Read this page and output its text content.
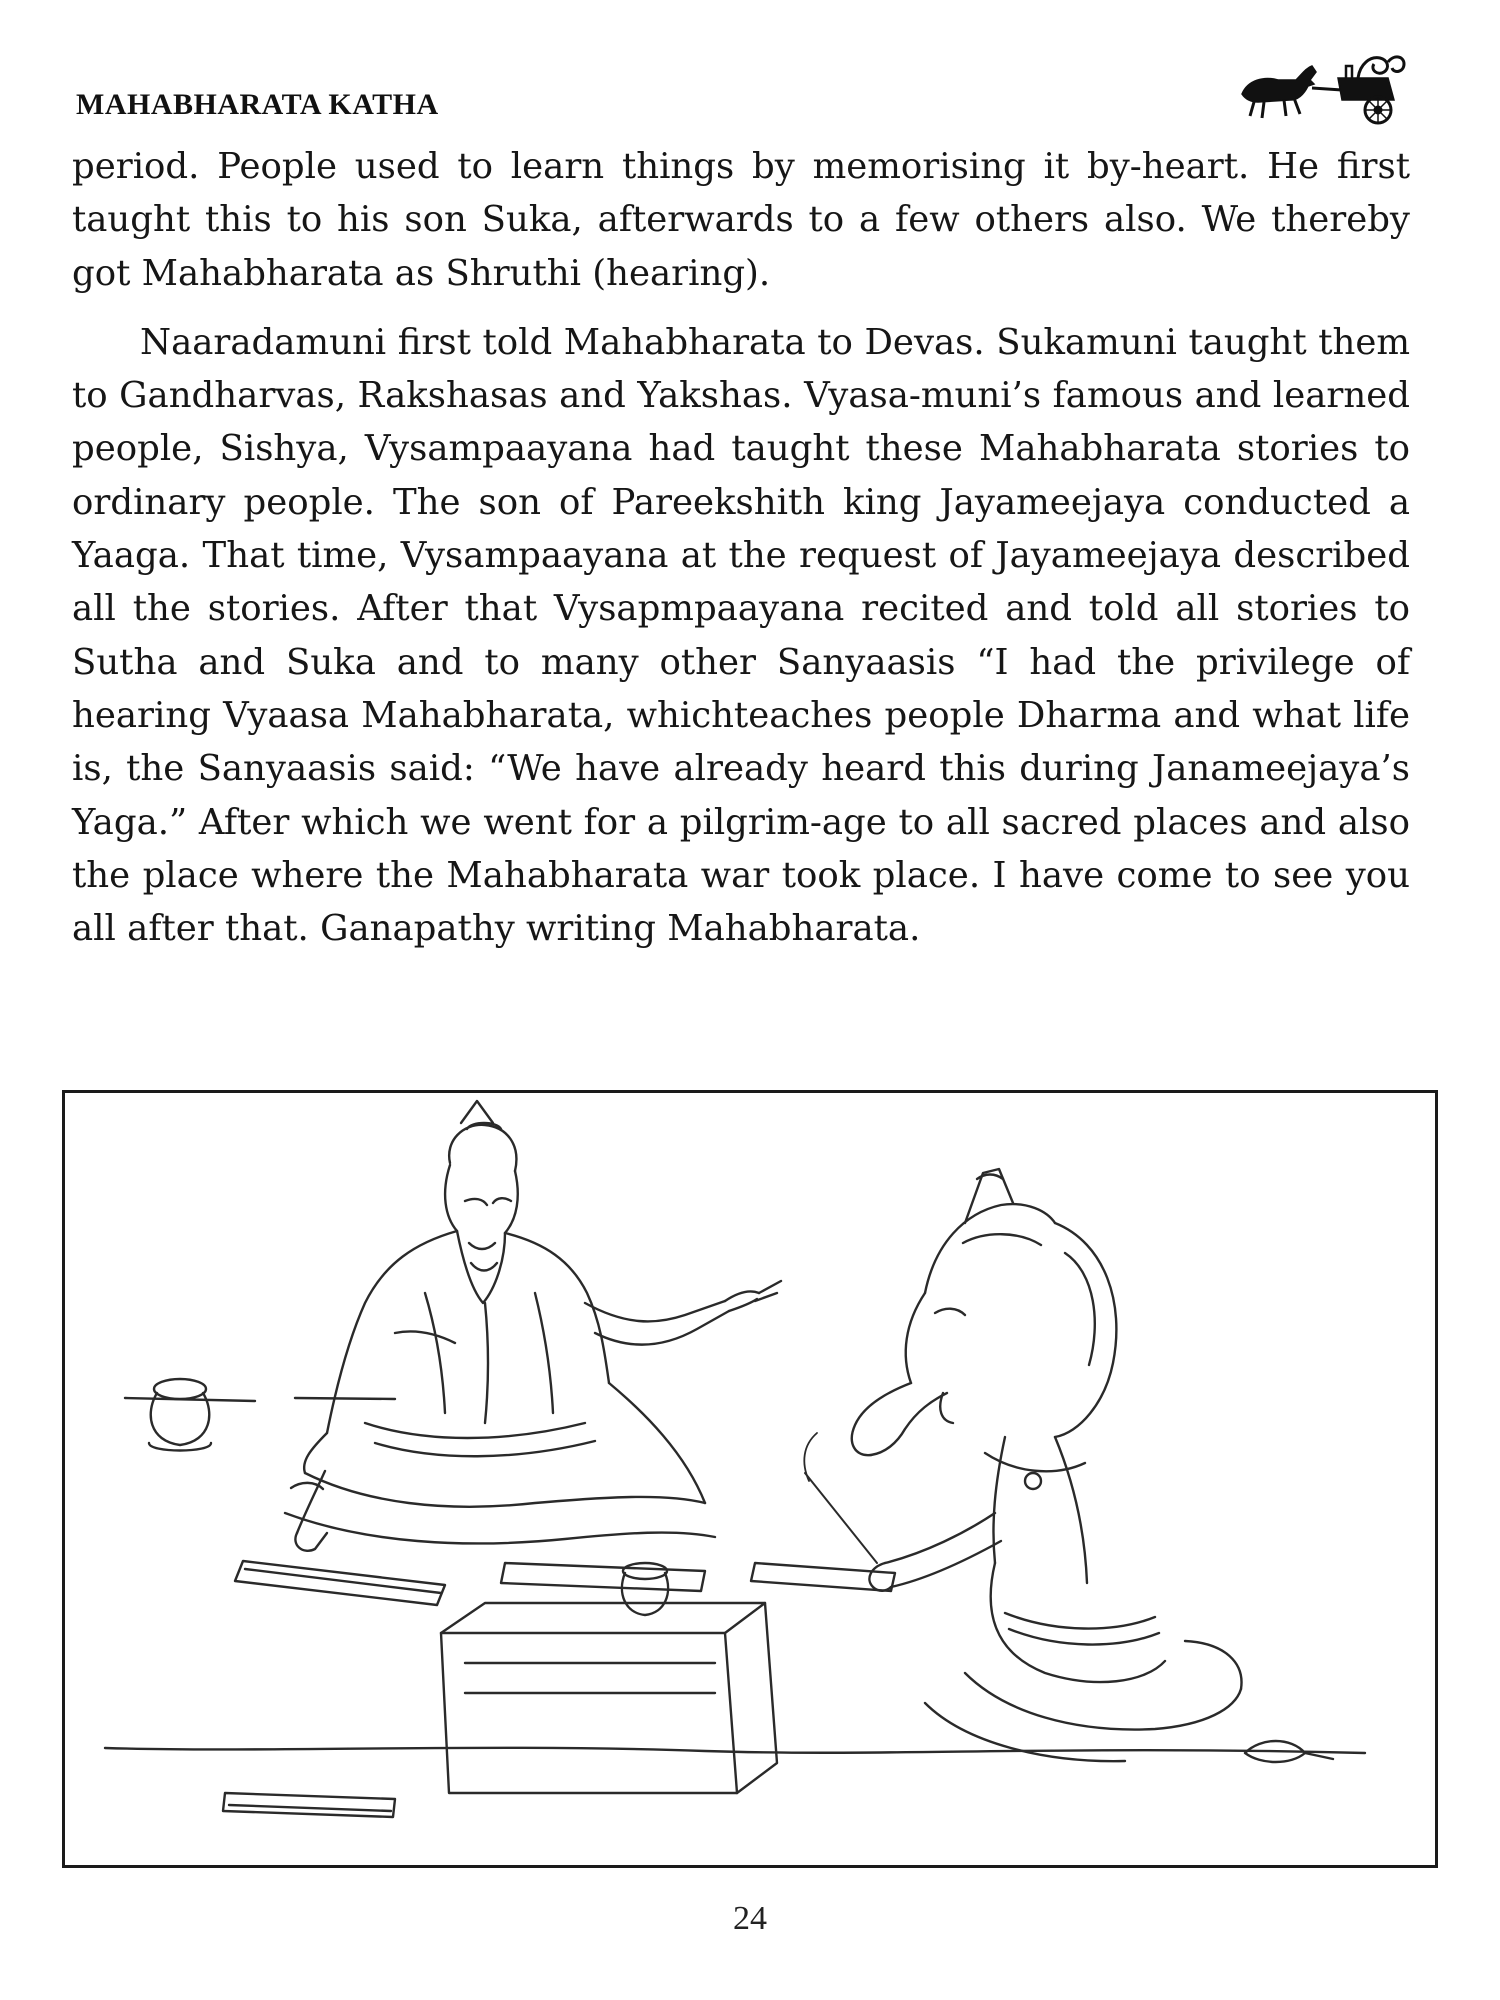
MAHABHARATA KATHA

period. People used to learn things by memorising it by-heart. He first taught this to his son Suka, afterwards to a few others also. We thereby got Mahabharata as Shruthi (hearing).

Naaradamuni first told Mahabharata to Devas. Sukamuni taught them to Gandharvas, Rakshasas and Yakshas. Vyasa-muni’s famous and learned people, Sishya, Vysampaayana had taught these Mahabharata stories to ordinary people. The son of Pareekshith king Jayameejaya conducted a Yaaga. That time, Vysampaayana at the request of Jayameejaya described all the stories. After that Vysapmpaayana recited and told all stories to Sutha and Suka and to many other Sanyaasis “I had the privilege of hearing Vyaasa Mahabharata, whichteaches people Dharma and what life is, the Sanyaasis said: “We have already heard this during Janameejaya’s Yaga.” After which we went for a pilgrim-age to all sacred places and also the place where the Mahabharata war took place. I have come to see you all after that. Ganapathy writing Mahabharata.

24
